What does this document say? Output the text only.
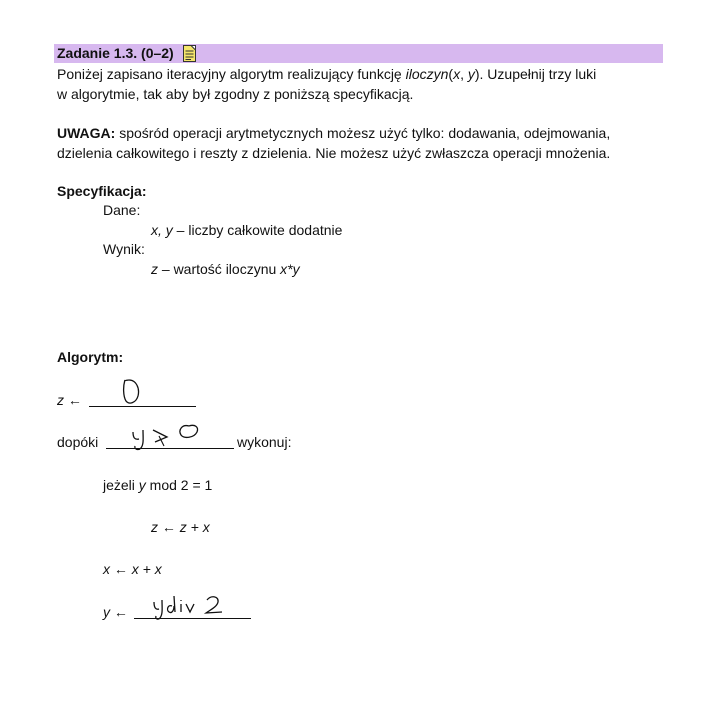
Zadanie 1.3. (0–2)
Poniżej zapisano iteracyjny algorytm realizujący funkcję iloczyn(x, y). Uzupełnij trzy luki
w algorytmie, tak aby był zgodny z poniższą specyfikacją.
UWAGA: spośród operacji arytmetycznych możesz użyć tylko: dodawania, odejmowania,
dzielenia całkowitego i reszty z dzielenia. Nie możesz użyć zwłaszcza operacji mnożenia.
Specyfikacja:
Dane:
x, y – liczby całkowite dodatnie
Wynik:
z – wartość iloczynu x*y
Algorytm:
z ←	0
dopóki	wykonuj:
y > 0
jeżeli y mod 2 = 1
z ← z + x
x ← x + x
y ←
y div 2
